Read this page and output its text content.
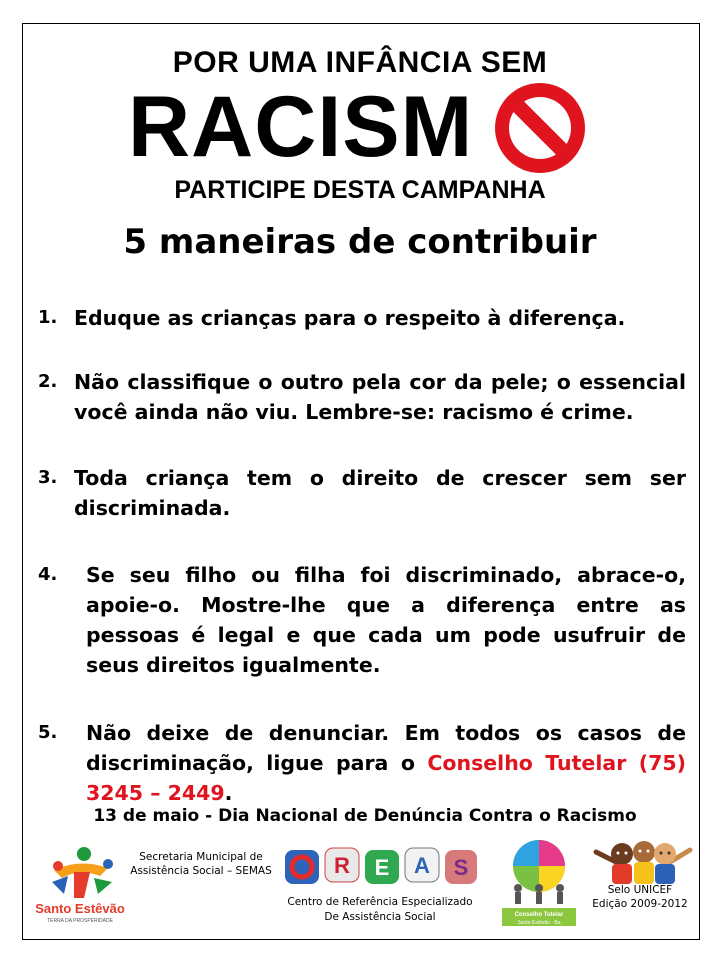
POR UMA INFÂNCIA SEM
RACISM
PARTICIPE DESTA CAMPANHA
5 maneiras de contribuir
1. Eduque as crianças para o respeito à diferença.
2. Não classifique o outro pela cor da pele; o essencial você ainda não viu. Lembre-se: racismo é crime.
3. Toda criança tem o direito de crescer sem ser discriminada.
4. Se seu filho ou filha foi discriminado, abrace-o, apoie-o. Mostre-lhe que a diferença entre as pessoas é legal e que cada um pode usufruir de seus direitos igualmente.
5. Não deixe de denunciar. Em todos os casos de discriminação, ligue para o Conselho Tutelar (75) 3245 – 2449.
13 de maio - Dia Nacional de Denúncia Contra o Racismo
Santo Estêvão
TERRA DA PROSPERIDADE
Secretaria Municipal de Assistência Social – SEMAS	R E A S
Centro de Referência Especializado De Assistência Social	Conselho Tutelar
Santo Estêvão - Ba
Selo UNICEF
Edição 2009-2012
